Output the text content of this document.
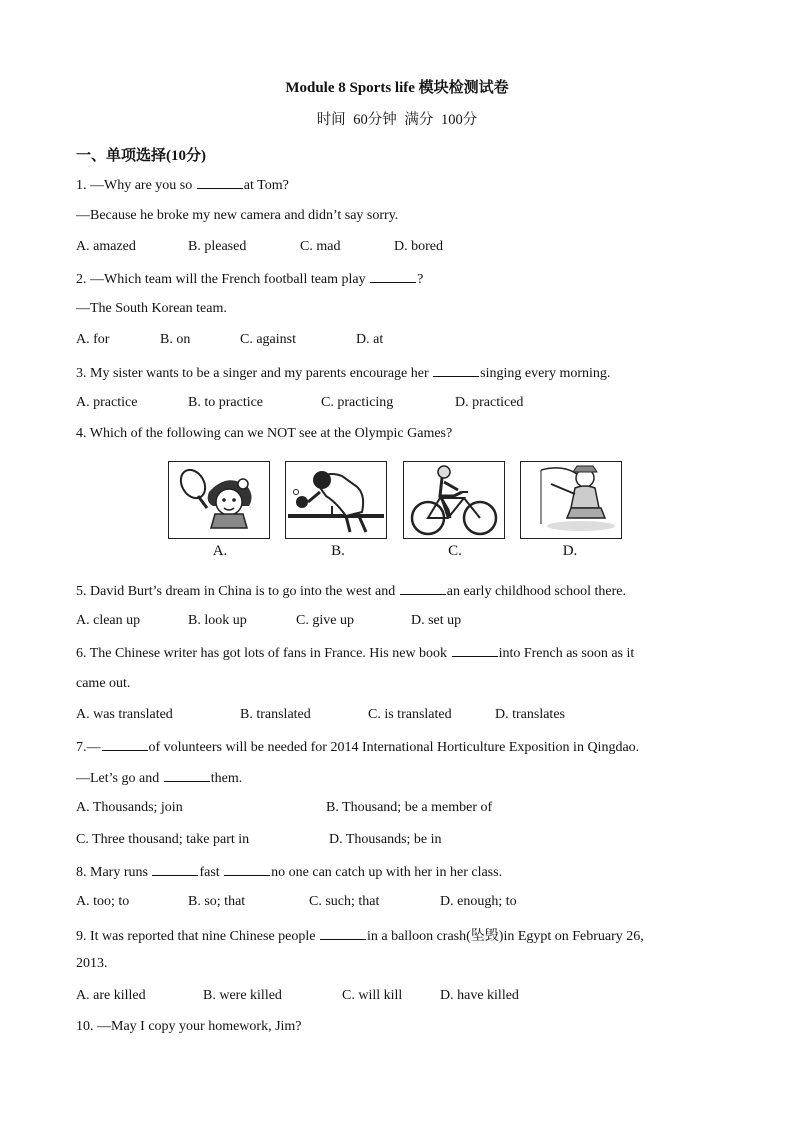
Module 8 Sports life 模块检测试卷
时间 60分钟 满分 100分
一、单项选择(10分)
1. —Why are you so	at Tom?
—Because he broke my new camera and didn’t say sorry.
A. amazed	B. pleased	C. mad	D. bored
2. —Which team will the French football team play	?
—The South Korean team.
A. for	B. on	C. against	D. at
3. My sister wants to be a singer and my parents encourage her	singing every morning.
A. practice	B. to practice	C. practicing	D. practiced
4. Which of the following can we NOT see at the Olympic Games?
A.	B.	C.	D.
5. David Burt’s dream in China is to go into the west and	an early childhood school there.
A. clean up	B. look up	C. give up	D. set up
6. The Chinese writer has got lots of fans in France. His new book	into French as soon as it
came out.
A. was translated	B. translated	C. is translated	D. translates
7.—	of volunteers will be needed for 2014 International Horticulture Exposition in Qingdao.
—Let’s go and	them.
A. Thousands; join	B. Thousand; be a member of
C. Three thousand; take part in	D. Thousands; be in
8. Mary runs	fast	no one can catch up with her in her class.
A. too; to	B. so; that	C. such; that	D. enough; to
9. It was reported that nine Chinese people	in a balloon crash(坠毁)in Egypt on February 26,
2013.
A. are killed	B. were killed	C. will kill	D. have killed
10. —May I copy your homework, Jim?
